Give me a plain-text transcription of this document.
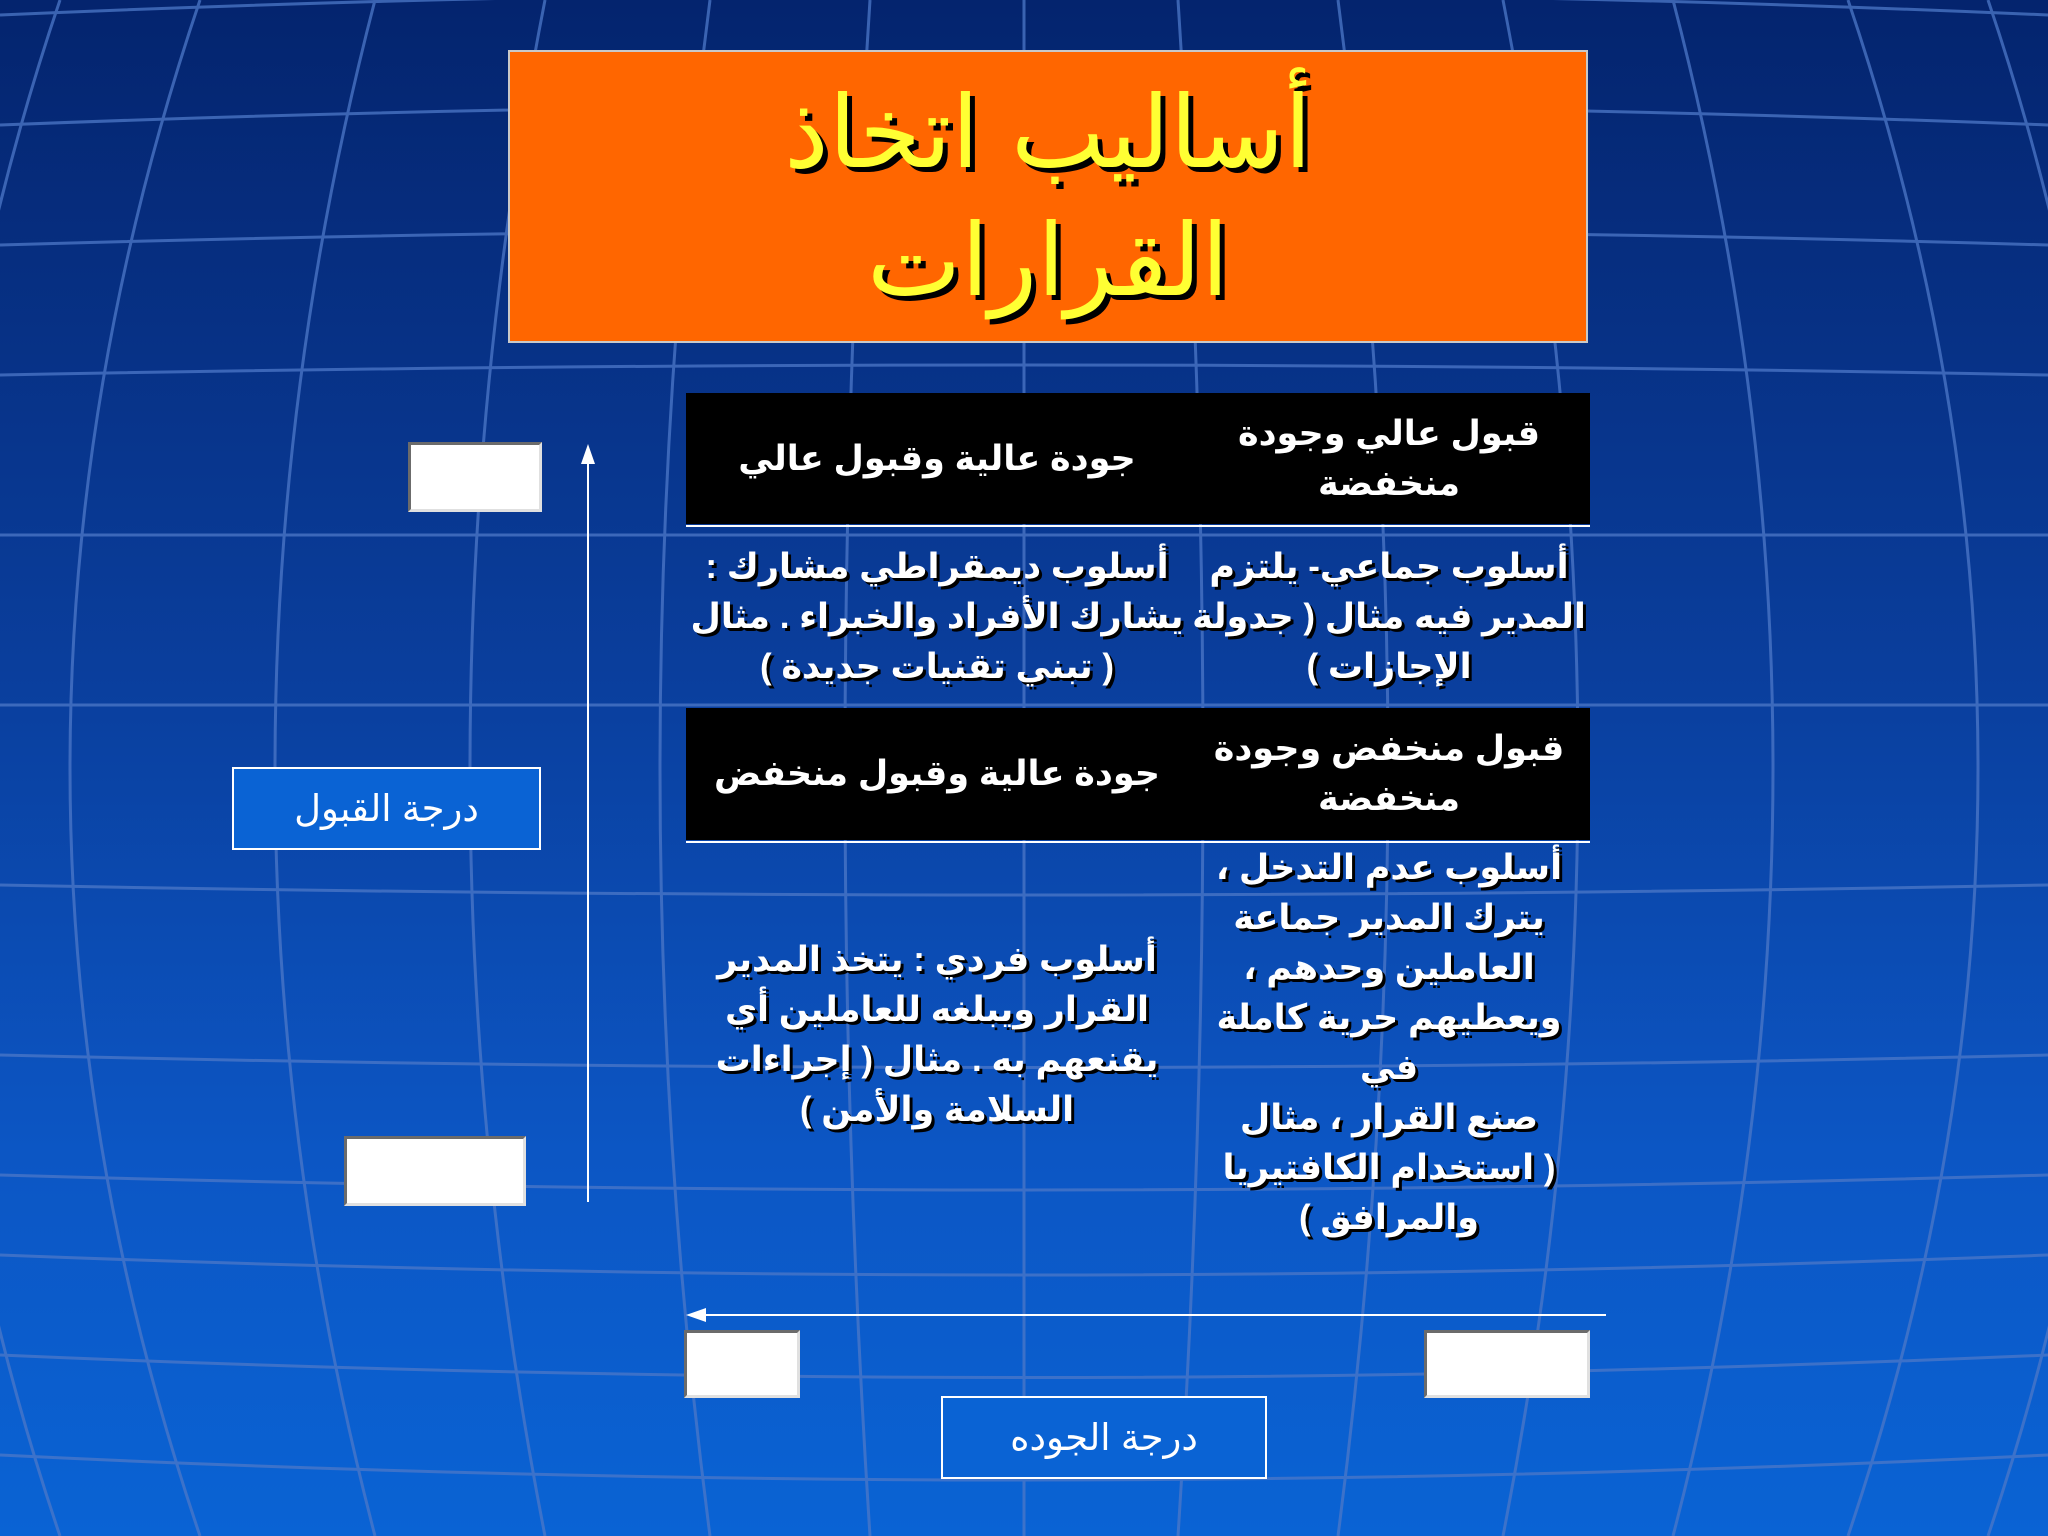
أساليب اتخاذ
القرارات
قبول عالي وجودة
منخفضة
جودة عالية وقبول عالي
أسلوب جماعي- يلتزم
المدير فيه مثال ( جدولة
الإجازات )
أسلوب ديمقراطي مشارك :
يشارك الأفراد والخبراء . مثال
( تبني تقنيات جديدة )
قبول منخفض وجودة
منخفضة
جودة عالية وقبول منخفض
أسلوب عدم التدخل ،
يترك المدير جماعة
العاملين وحدهم ،
ويعطيهم حرية كاملة في
صنع القرار ، مثال
( استخدام الكافتيريا
والمرافق )
أسلوب فردي : يتخذ المدير
القرار ويبلغه للعاملين أي
يقنعهم به . مثال ( إجراءات
السلامة والأمن )
درجة القبول
درجة الجوده
